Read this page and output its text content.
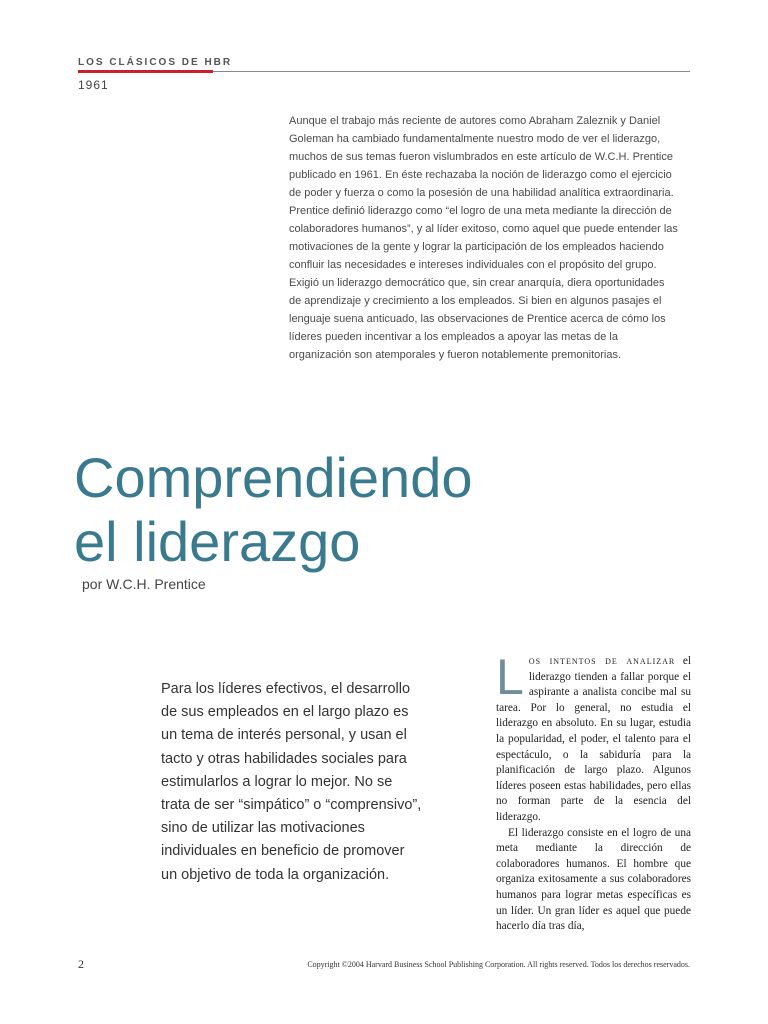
LOS CLÁSICOS DE HBR
1961

Aunque el trabajo más reciente de autores como Abraham Zaleznik y Daniel Goleman ha cambiado fundamentalmente nuestro modo de ver el liderazgo, muchos de sus temas fueron vislumbrados en este artículo de W.C.H. Prentice publicado en 1961. En éste rechazaba la noción de liderazgo como el ejercicio de poder y fuerza o como la posesión de una habilidad analítica extraordinaria. Prentice definió liderazgo como “el logro de una meta mediante la dirección de colaboradores humanos”, y al líder exitoso, como aquel que puede entender las motivaciones de la gente y lograr la participación de los empleados haciendo confluir las necesidades e intereses individuales con el propósito del grupo. Exigió un liderazgo democrático que, sin crear anarquía, diera oportunidades de aprendizaje y crecimiento a los empleados. Si bien en algunos pasajes el lenguaje suena anticuado, las observaciones de Prentice acerca de cómo los líderes pueden incentivar a los empleados a apoyar las metas de la organización son atemporales y fueron notablemente premonitorias.

Comprendiendo
el liderazgo

por W.C.H. Prentice

Para los líderes efectivos, el desarrollo de sus empleados en el largo plazo es un tema de interés personal, y usan el tacto y otras habilidades sociales para estimularlos a lograr lo mejor. No se trata de ser “simpático” o “comprensivo”, sino de utilizar las motivaciones individuales en beneficio de promover un objetivo de toda la organización.

Los intentos de analizar el liderazgo tienden a fallar porque el aspirante a analista concibe mal su tarea. Por lo general, no estudia el liderazgo en absoluto. En su lugar, estudia la popularidad, el poder, el talento para el espectáculo, o la sabiduría para la planificación de largo plazo. Algunos líderes poseen estas habilidades, pero ellas no forman parte de la esencia del liderazgo.

El liderazgo consiste en el logro de una meta mediante la dirección de colaboradores humanos. El hombre que organiza exitosamente a sus colaboradores humanos para lograr metas específicas es un líder. Un gran líder es aquel que puede hacerlo día tras día,

2	Copyright ©2004 Harvard Business School Publishing Corporation. All rights reserved. Todos los derechos reservados.
